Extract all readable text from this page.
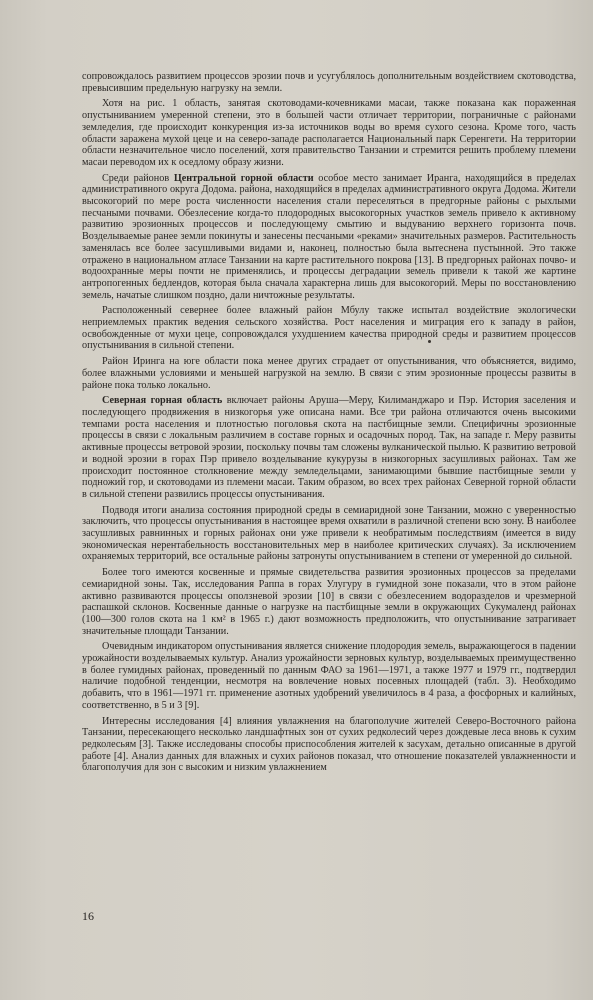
сопровождалось развитием процессов эрозии почв и усугублялось дополнительным воздействием скотоводства, превысившим предельную нагрузку на земли.

Хотя на рис. 1 область, занятая скотоводами-кочевниками масаи, также показана как пораженная опустыниванием умеренной степени, это в большей части отличает территории, пограничные с районами земледелия, где происходит конкуренция из-за источников воды во время сухого сезона. Кроме того, часть области заражена мухой цеце и на северо-западе располагается Национальный парк Серенгети. На территории области незначительное число поселений, хотя правительство Танзании и стремится решить проблему племени масаи переводом их к оседлому образу жизни.

Среди районов Центральной горной области особое место занимает Иранга, находящийся в пределах административного округа Додома. района, находящийся в пределах административного округа Додома. Жители высокогорий по мере роста численности населения стали переселяться в предгорные районы с рыхлыми песчаными почвами. Обезлесение когда-то плодородных высокогорных участков земель привело к активному развитию эрозионных процессов и последующему смытию и выдуванию верхнего горизонта почв. Возделываемые ранее земли покинуты и занесены песчаными «реками» значительных размеров. Растительность заменялась все более засушливыми видами и, наконец, полностью была вытеснена пустынной. Это также отражено в национальном атласе Танзании на карте растительного покрова [13]. В предгорных районах почво- и водоохранные меры почти не применялись, и процессы деградации земель привели к такой же картине антропогенных бедлендов, которая была сначала характерна лишь для высокогорий. Меры по восстановлению земель, начатые слишком поздно, дали ничтожные результаты.

Расположенный севернее более влажный район Мбулу также испытал воздействие экологически неприемлемых практик ведения сельского хозяйства. Рост населения и миграция его к западу в район, освобожденные от мухи цеце, сопровождался ухудшением качества природной среды и развитием процессов опустынивания в сильной степени.

Район Иринга на юге области пока менее других страдает от опустынивания, что объясняется, видимо, более влажными условиями и меньшей нагрузкой на землю. В связи с этим эрозионные процессы развиты в районе пока только локально.

Северная горная область включает районы Аруша—Меру, Килиманджаро и Пэр. История заселения и последующего продвижения в низкогорья уже описана нами. Все три района отличаются очень высокими темпами роста населения и плотностью поголовья скота на пастбищные земли. Специфичны эрозионные процессы в связи с локальным различием в составе горных и осадочных пород. Так, на западе г. Меру развиты активные процессы ветровой эрозии, поскольку почвы там сложены вулканической пылью. К развитию ветровой и водной эрозии в горах Пэр привело возделывание кукурузы в низкогорных засушливых районах. Там же происходит постоянное столкновение между земледельцами, занимающими бывшие пастбищные земли у подножий гор, и скотоводами из племени масаи. Таким образом, во всех трех районах Северной горной области в сильной степени развились процессы опустынивания.

Подводя итоги анализа состояния природной среды в семиаридной зоне Танзании, можно с уверенностью заключить, что процессы опустынивания в настоящее время охватили в различной степени всю зону. В наиболее засушливых равнинных и горных районах они уже привели к необратимым последствиям (имеется в виду экономическая нерентабельность восстановительных мер в наиболее критических случаях). За исключением охраняемых территорий, все остальные районы затронуты опустыниванием в степени от умеренной до сильной.

Более того имеются косвенные и прямые свидетельства развития эрозионных процессов за пределами семиаридной зоны. Так, исследования Раппа в горах Улугуру в гумидной зоне показали, что в этом районе активно развиваются процессы оползневой эрозии [10] в связи с обезлесением водоразделов и чрезмерной распашкой склонов. Косвенные данные о нагрузке на пастбищные земли в окружающих Сукумаленд районах (100—300 голов скота на 1 км² в 1965 г.) дают возможность предположить, что опустынивание затрагивает значительные площади Танзании.

Очевидным индикатором опустынивания является снижение плодородия земель, выражающегося в падении урожайности возделываемых культур. Анализ урожайности зерновых культур, возделываемых преимущественно в более гумидных районах, проведенный по данным ФАО за 1961—1971, а также 1977 и 1979 гг., подтвердил наличие подобной тенденции, несмотря на вовлечение новых посевных площадей (табл. 3). Необходимо добавить, что в 1961—1971 гг. применение азотных удобрений увеличилось в 4 раза, а фосфорных и калийных, соответственно, в 5 и 3 [9].

Интересны исследования [4] влияния увлажнения на благополучие жителей Северо-Восточного района Танзании, пересекающего несколько ландшафтных зон от сухих редколесий через дождевые леса вновь к сухим редколесьям [3]. Также исследованы способы приспособления жителей к засухам, детально описанные в другой работе [4]. Анализ данных для влажных и сухих районов показал, что отношение показателей увлажненности и благополучия для зон с высоким и низким увлажнением

16
